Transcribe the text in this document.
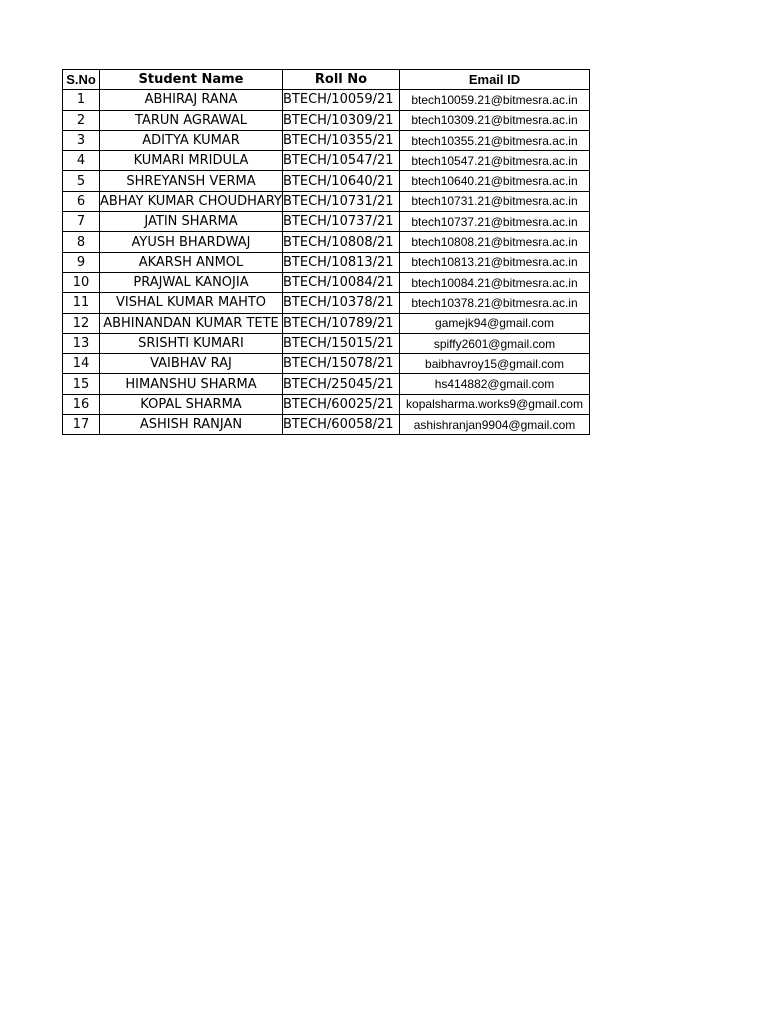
S.No	Student Name	Roll No	Email ID
1	ABHIRAJ RANA	BTECH/10059/21	btech10059.21@bitmesra.ac.in
2	TARUN AGRAWAL	BTECH/10309/21	btech10309.21@bitmesra.ac.in
3	ADITYA KUMAR	BTECH/10355/21	btech10355.21@bitmesra.ac.in
4	KUMARI MRIDULA	BTECH/10547/21	btech10547.21@bitmesra.ac.in
5	SHREYANSH VERMA	BTECH/10640/21	btech10640.21@bitmesra.ac.in
6	ABHAY KUMAR CHOUDHARY	BTECH/10731/21	btech10731.21@bitmesra.ac.in
7	JATIN SHARMA	BTECH/10737/21	btech10737.21@bitmesra.ac.in
8	AYUSH BHARDWAJ	BTECH/10808/21	btech10808.21@bitmesra.ac.in
9	AKARSH ANMOL	BTECH/10813/21	btech10813.21@bitmesra.ac.in
10	PRAJWAL KANOJIA	BTECH/10084/21	btech10084.21@bitmesra.ac.in
11	VISHAL KUMAR MAHTO	BTECH/10378/21	btech10378.21@bitmesra.ac.in
12	ABHINANDAN KUMAR TETE	BTECH/10789/21	gamejk94@gmail.com
13	SRISHTI KUMARI	BTECH/15015/21	spiffy2601@gmail.com
14	VAIBHAV RAJ	BTECH/15078/21	baibhavroy15@gmail.com
15	HIMANSHU SHARMA	BTECH/25045/21	hs414882@gmail.com
16	KOPAL SHARMA	BTECH/60025/21	kopalsharma.works9@gmail.com
17	ASHISH RANJAN	BTECH/60058/21	ashishranjan9904@gmail.com
